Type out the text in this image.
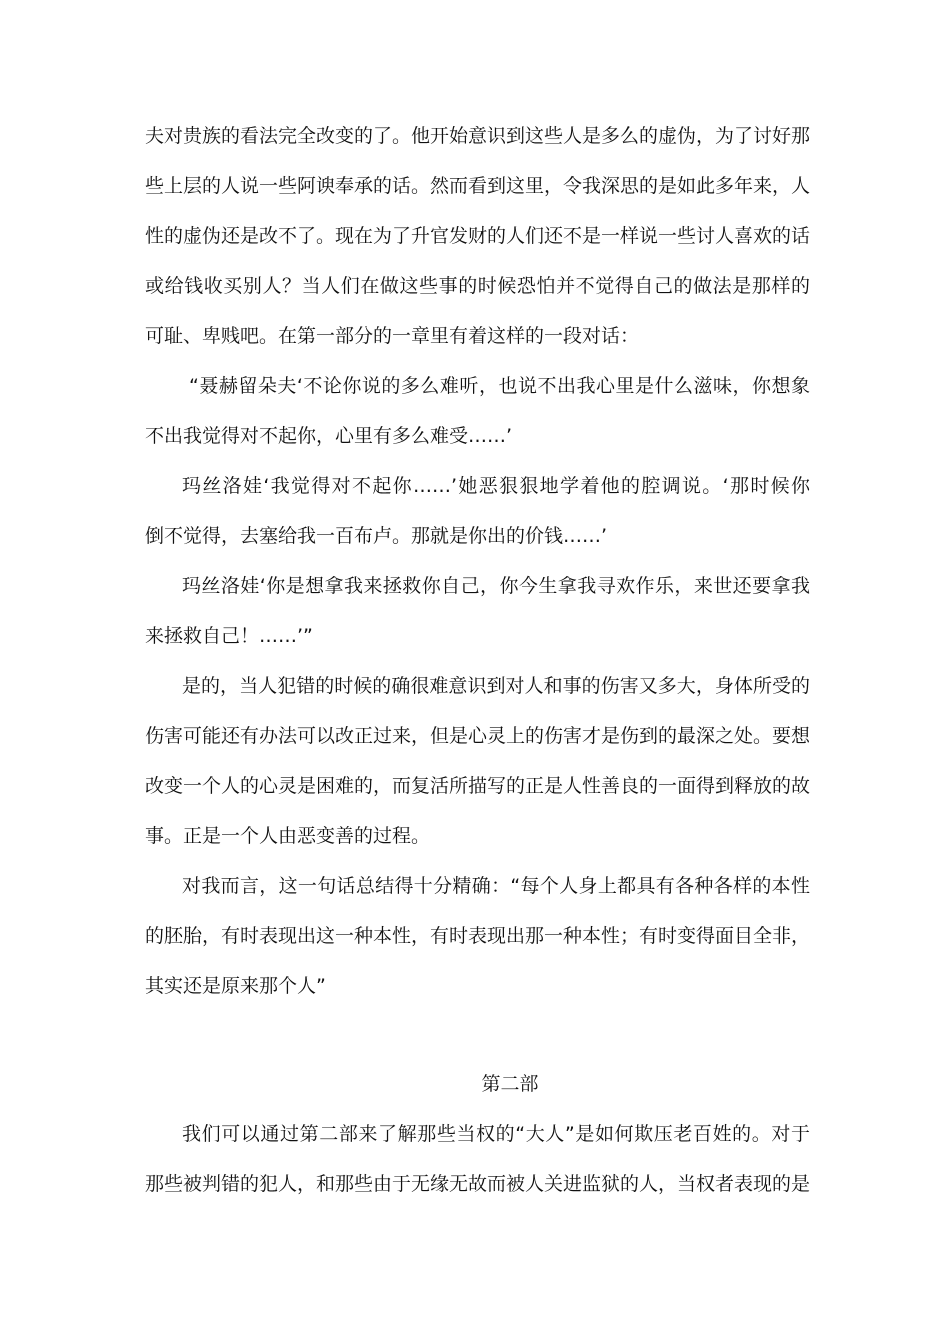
夫对贵族的看法完全改变的了。他开始意识到这些人是多么的虚伪，为了讨好那
些上层的人说一些阿谀奉承的话。然而看到这里，令我深思的是如此多年来，人
性的虚伪还是改不了。现在为了升官发财的人们还不是一样说一些讨人喜欢的话
或给钱收买别人？当人们在做这些事的时候恐怕并不觉得自己的做法是那样的
可耻、卑贱吧。在第一部分的一章里有着这样的一段对话：
“聂赫留朵夫‘不论你说的多么难听，也说不出我心里是什么滋味，你想象
不出我觉得对不起你，心里有多么难受……’
玛丝洛娃‘我觉得对不起你……’她恶狠狠地学着他的腔调说。‘那时候你
倒不觉得，去塞给我一百布卢。那就是你出的价钱……’
玛丝洛娃‘你是想拿我来拯救你自己，你今生拿我寻欢作乐，来世还要拿我
来拯救自己！……’”
是的，当人犯错的时候的确很难意识到对人和事的伤害又多大，身体所受的
伤害可能还有办法可以改正过来，但是心灵上的伤害才是伤到的最深之处。要想
改变一个人的心灵是困难的，而复活所描写的正是人性善良的一面得到释放的故
事。正是一个人由恶变善的过程。
对我而言，这一句话总结得十分精确：“每个人身上都具有各种各样的本性
的胚胎，有时表现出这一种本性，有时表现出那一种本性；有时变得面目全非，
其实还是原来那个人”
第二部
我们可以通过第二部来了解那些当权的“大人”是如何欺压老百姓的。对于
那些被判错的犯人，和那些由于无缘无故而被人关进监狱的人，当权者表现的是
